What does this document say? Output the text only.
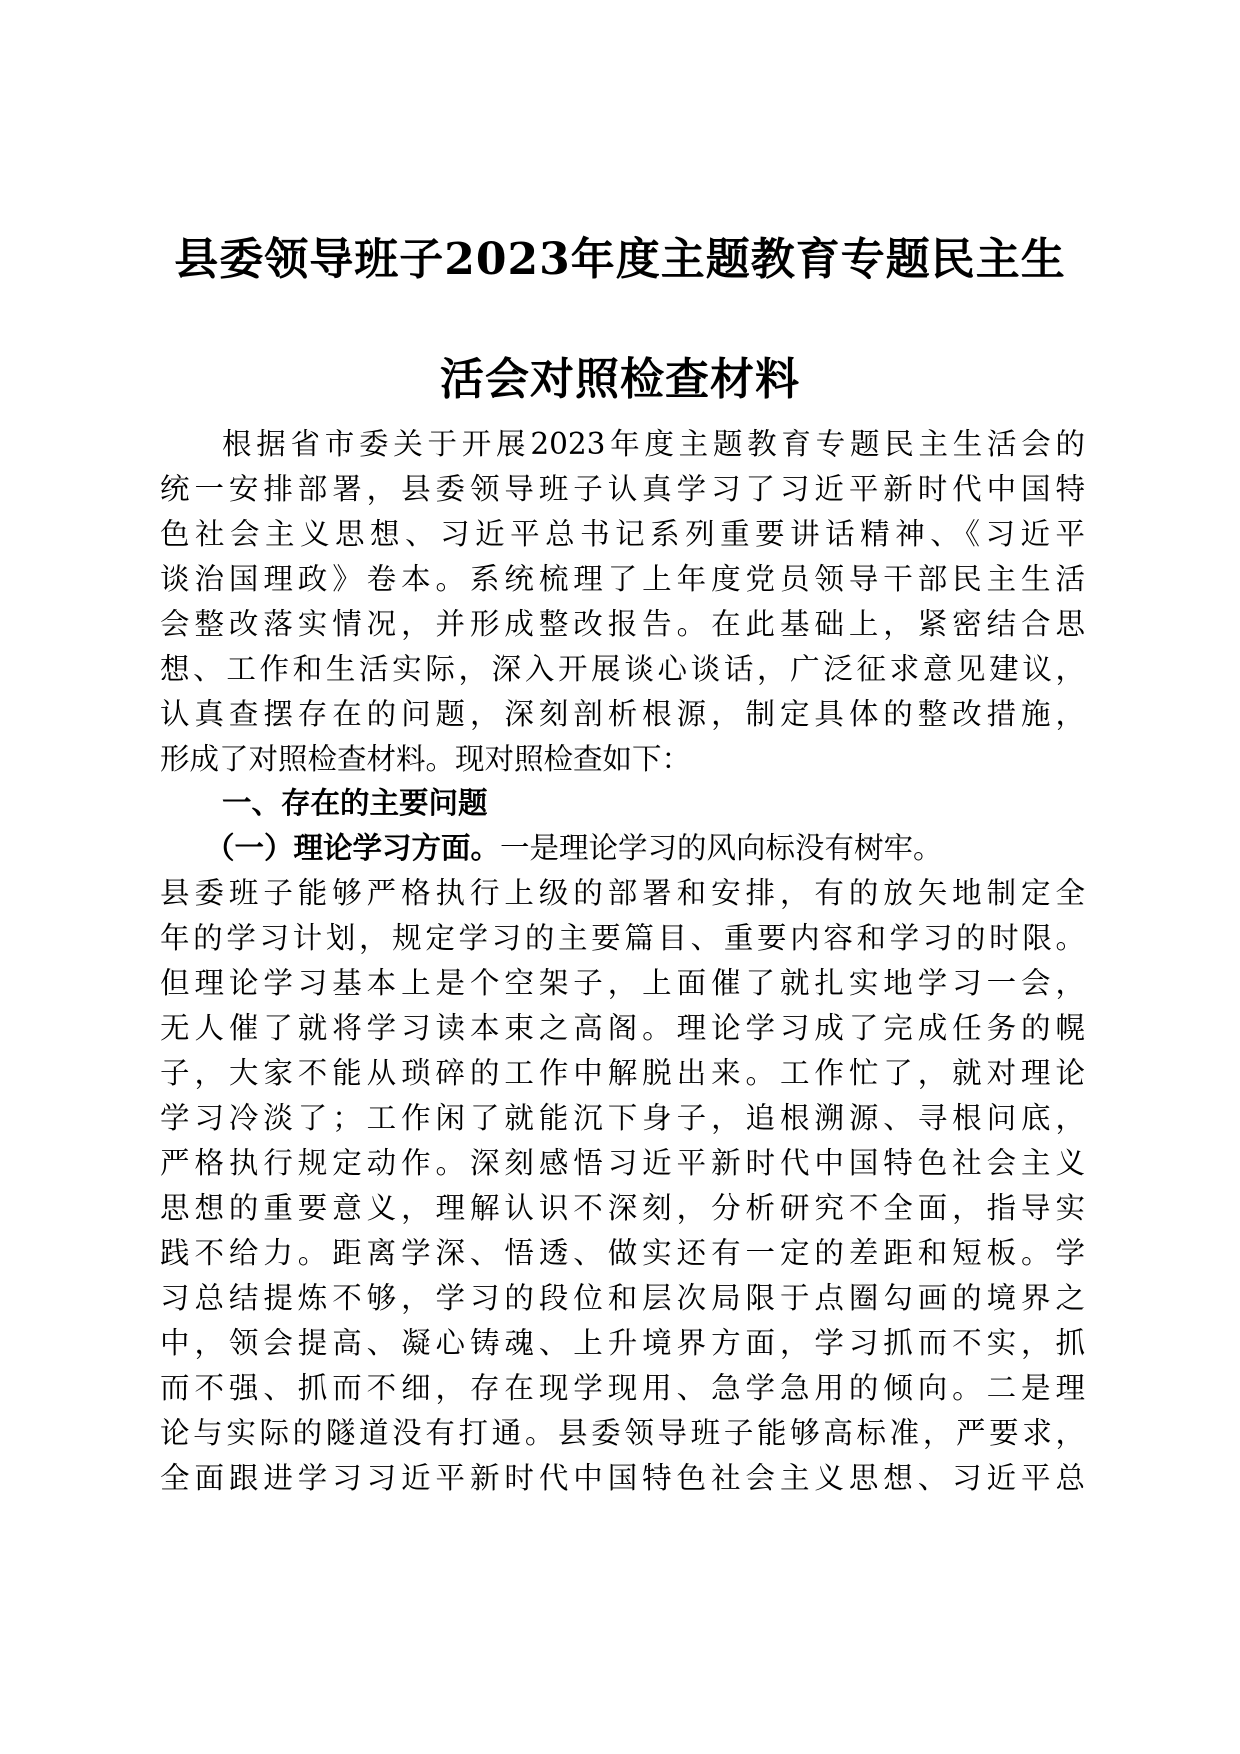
县委领导班子2023年度主题教育专题民主生
活会对照检查材料
根据省市委关于开展2023年度主题教育专题民主生活会的
统一安排部署，县委领导班子认真学习了习近平新时代中国特
色社会主义思想、习近平总书记系列重要讲话精神、《习近平
谈治国理政》卷本。系统梳理了上年度党员领导干部民主生活
会整改落实情况，并形成整改报告。在此基础上，紧密结合思
想、工作和生活实际，深入开展谈心谈话，广泛征求意见建议，
认真查摆存在的问题，深刻剖析根源，制定具体的整改措施，
形成了对照检查材料。现对照检查如下：
一、存在的主要问题
（一）理论学习方面。一是理论学习的风向标没有树牢。
县委班子能够严格执行上级的部署和安排，有的放矢地制定全
年的学习计划，规定学习的主要篇目、重要内容和学习的时限。
但理论学习基本上是个空架子，上面催了就扎实地学习一会，
无人催了就将学习读本束之高阁。理论学习成了完成任务的幌
子，大家不能从琐碎的工作中解脱出来。工作忙了，就对理论
学习冷淡了；工作闲了就能沉下身子，追根溯源、寻根问底，
严格执行规定动作。深刻感悟习近平新时代中国特色社会主义
思想的重要意义，理解认识不深刻，分析研究不全面，指导实
践不给力。距离学深、悟透、做实还有一定的差距和短板。学
习总结提炼不够，学习的段位和层次局限于点圈勾画的境界之
中，领会提高、凝心铸魂、上升境界方面，学习抓而不实，抓
而不强、抓而不细，存在现学现用、急学急用的倾向。二是理
论与实际的隧道没有打通。县委领导班子能够高标准，严要求，
全面跟进学习习近平新时代中国特色社会主义思想、习近平总
